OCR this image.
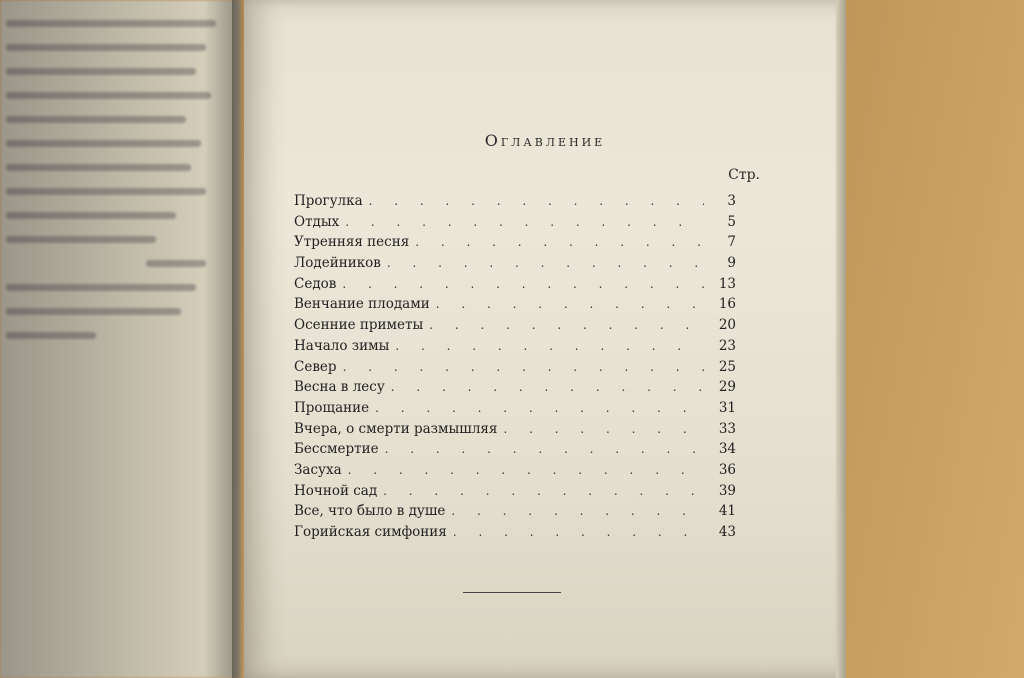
Оглавление
Стр.
Прогулка . . .	3
Отдых . . .	5
Утренняя песня . . .	7
Лодейников . . .	9
Седов . . .	13
Венчание плодами . . .	16
Осенние приметы . . .	20
Начало зимы . . .	23
Север . . .	25
Весна в лесу . . .	29
Прощание . . .	31
Вчера, о смерти размышляя . . .	33
Бессмертие . . .	34
Засуха . . .	36
Ночной сад . . .	39
Все, что было в душе . . .	41
Горийская симфония . . .	43
